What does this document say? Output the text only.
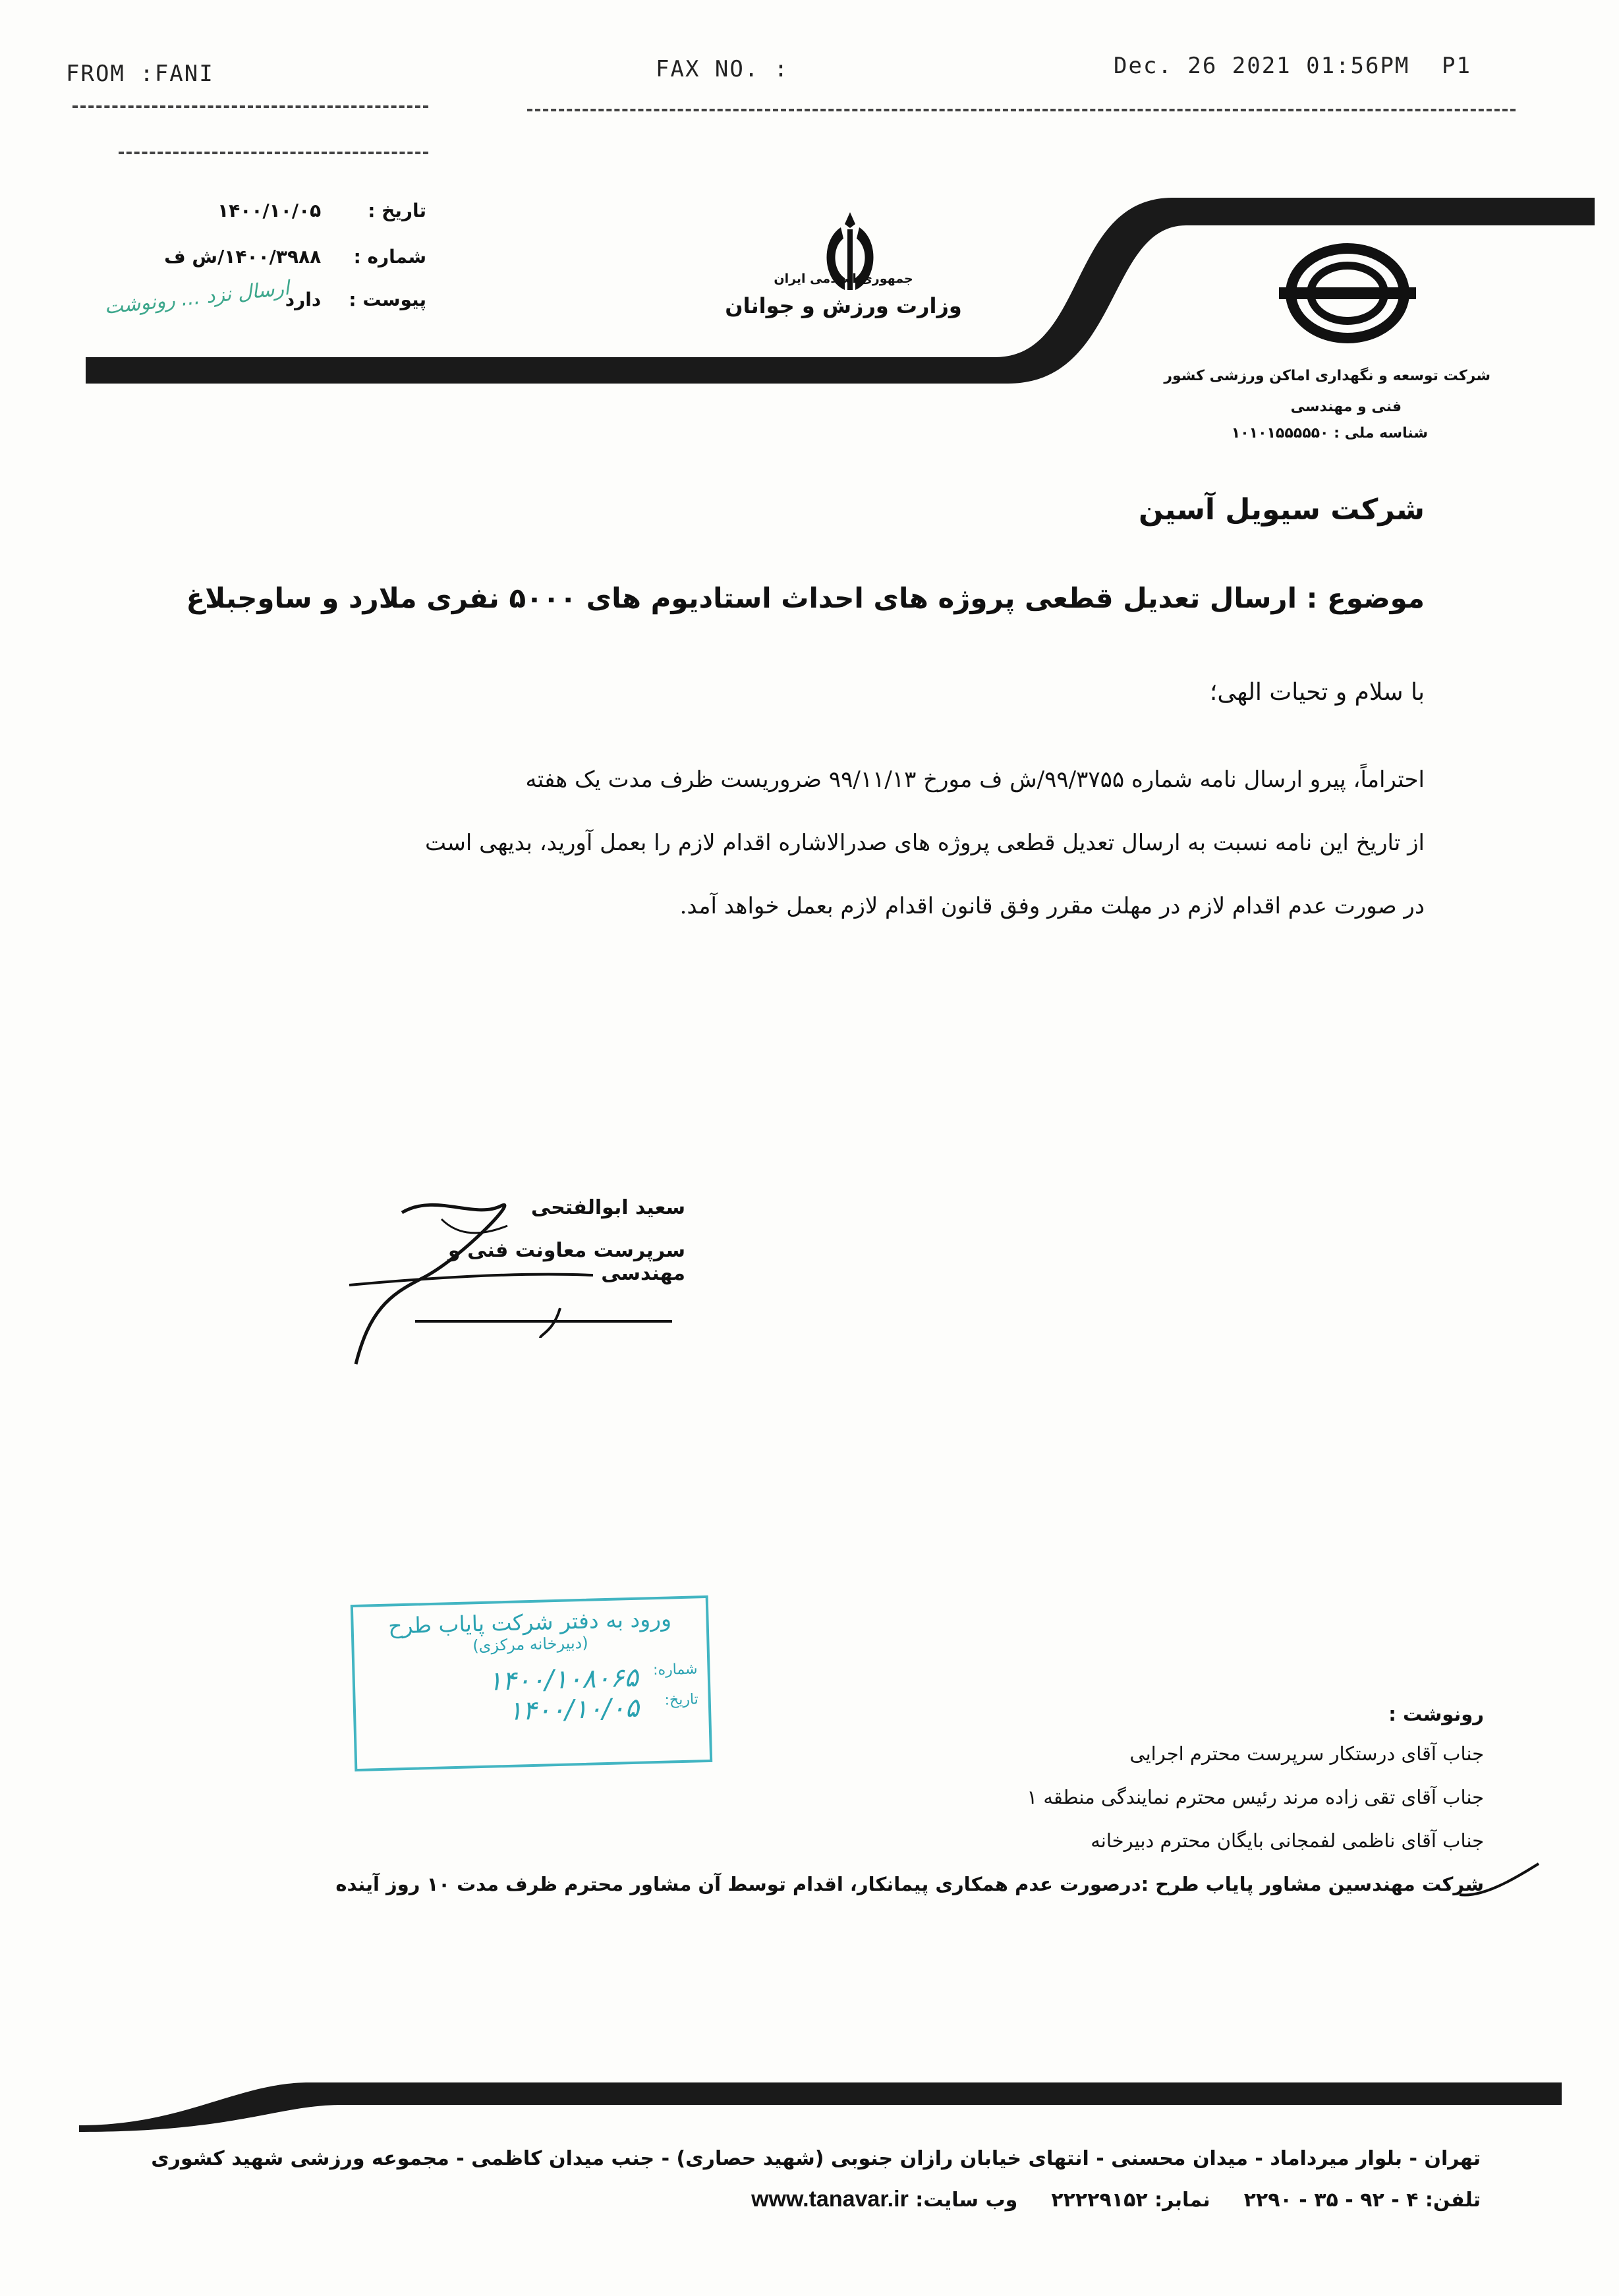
FROM :FANI	FAX NO. :	Dec. 26 2021 01:56PM P1
تاریخ : ۱۴۰۰/۱۰/۰۵
شماره : ۱۴۰۰/۳۹۸۸/ش ف
پیوست : دارد
ارسال نزد ... رونوشت	جمهوری اسلامی ایران
وزارت ورزش و جوانان
شرکت توسعه و نگهداری اماکن ورزشی کشور
فنی و مهندسی
شناسه ملی : ۱۰۱۰۱۵۵۵۵۵۰
شرکت سیویل آسین
موضوع : ارسال تعدیل قطعی پروژه های احداث استادیوم های ۵۰۰۰ نفری ملارد و ساوجبلاغ
با سلام و تحیات الهی؛
احتراماً، پیرو ارسال نامه شماره ۹۹/۳۷۵۵/ش ف مورخ ۹۹/۱۱/۱۳ ضروریست ظرف مدت یک هفته
از تاریخ این نامه نسبت به ارسال تعدیل قطعی پروژه های صدرالاشاره اقدام لازم را بعمل آورید، بدیهی است
در صورت عدم اقدام لازم در مهلت مقرر وفق قانون اقدام لازم بعمل خواهد آمد.
سعید ابوالفتحی
سرپرست معاونت فنی و مهندسی
ورود به دفتر شرکت پایاب طرح
(دبیرخانه مرکزی)
شماره:
۱۴۰۰/۱۰۸۰۶۵
تاریخ:
۱۴۰۰/۱۰/۰۵	رونوشت :
جناب آقای درستکار سرپرست محترم اجرایی
جناب آقای تقی زاده مرند رئیس محترم نمایندگی منطقه ۱
جناب آقای ناظمی لفمجانی بایگان محترم دبیرخانه
شرکت مهندسین مشاور پایاب طرح :درصورت عدم همکاری پیمانکار، اقدام توسط آن مشاور محترم ظرف مدت ۱۰ روز آینده
تهران - بلوار میرداماد - میدان محسنی - انتهای خیابان رازان جنوبی (شهید حصاری) - جنب میدان کاظمی - مجموعه ورزشی شهید کشوری
تلفن: ۴ - ۹۲ - ۳۵ - ۲۲۹۰  نمابر: ۲۲۲۲۹۱۵۲  وب سایت: www.tanavar.ir
